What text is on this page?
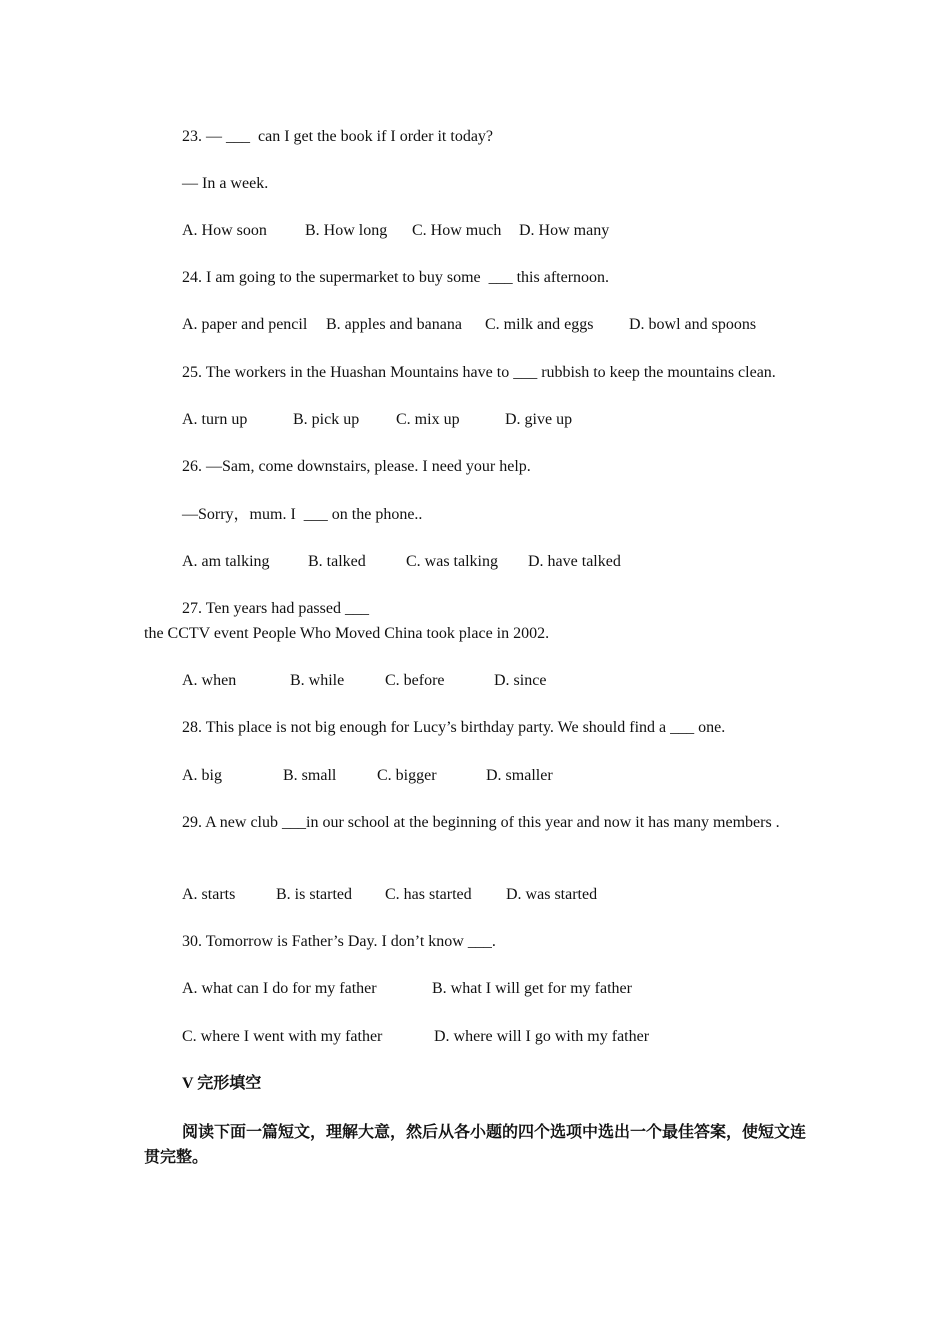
23. — ___  can I get the book if I order it today?
— In a week.

A. How soon

B. How long

C. How much

D. How many

24. I am going to the supermarket to buy some  ___ this afternoon.

A. paper and pencil

B. apples and banana

C. milk and eggs

D. bowl and spoons

25. The workers in the Huashan Mountains have to ___ rubbish to keep the mountains clean.

A. turn up

	B. pick up

C. mix up

	D. give up

26. —Sam, come downstairs, please. I need your help.
—Sorry，mum. I  ___ on the phone..

A. am talking

B. talked

	C. was talking

D. have talked

27. Ten years had passed ___
the CCTV event People Who Moved China took place in 2002.

A. when

	B. while

	C. before

	D. since

28. This place is not big enough for Lucy’s birthday party. We should find a ___ one.

A. big

	B. small

	C. bigger

	D. smaller

29. A new club ___in our school at the beginning of this year and now it has many members .

A. starts

	B. is started

C. has started

D. was started

30. Tomorrow is Father’s Day. I don’t know ___.

A. what can I do for my father

	B. what I will get for my father

C. where I went with my father

	D. where will I go with my father

V 完形填空
阅读下面一篇短文，理解大意，然后从各小题的四个选项中选出一个最佳答案，使短文连贯完整。
